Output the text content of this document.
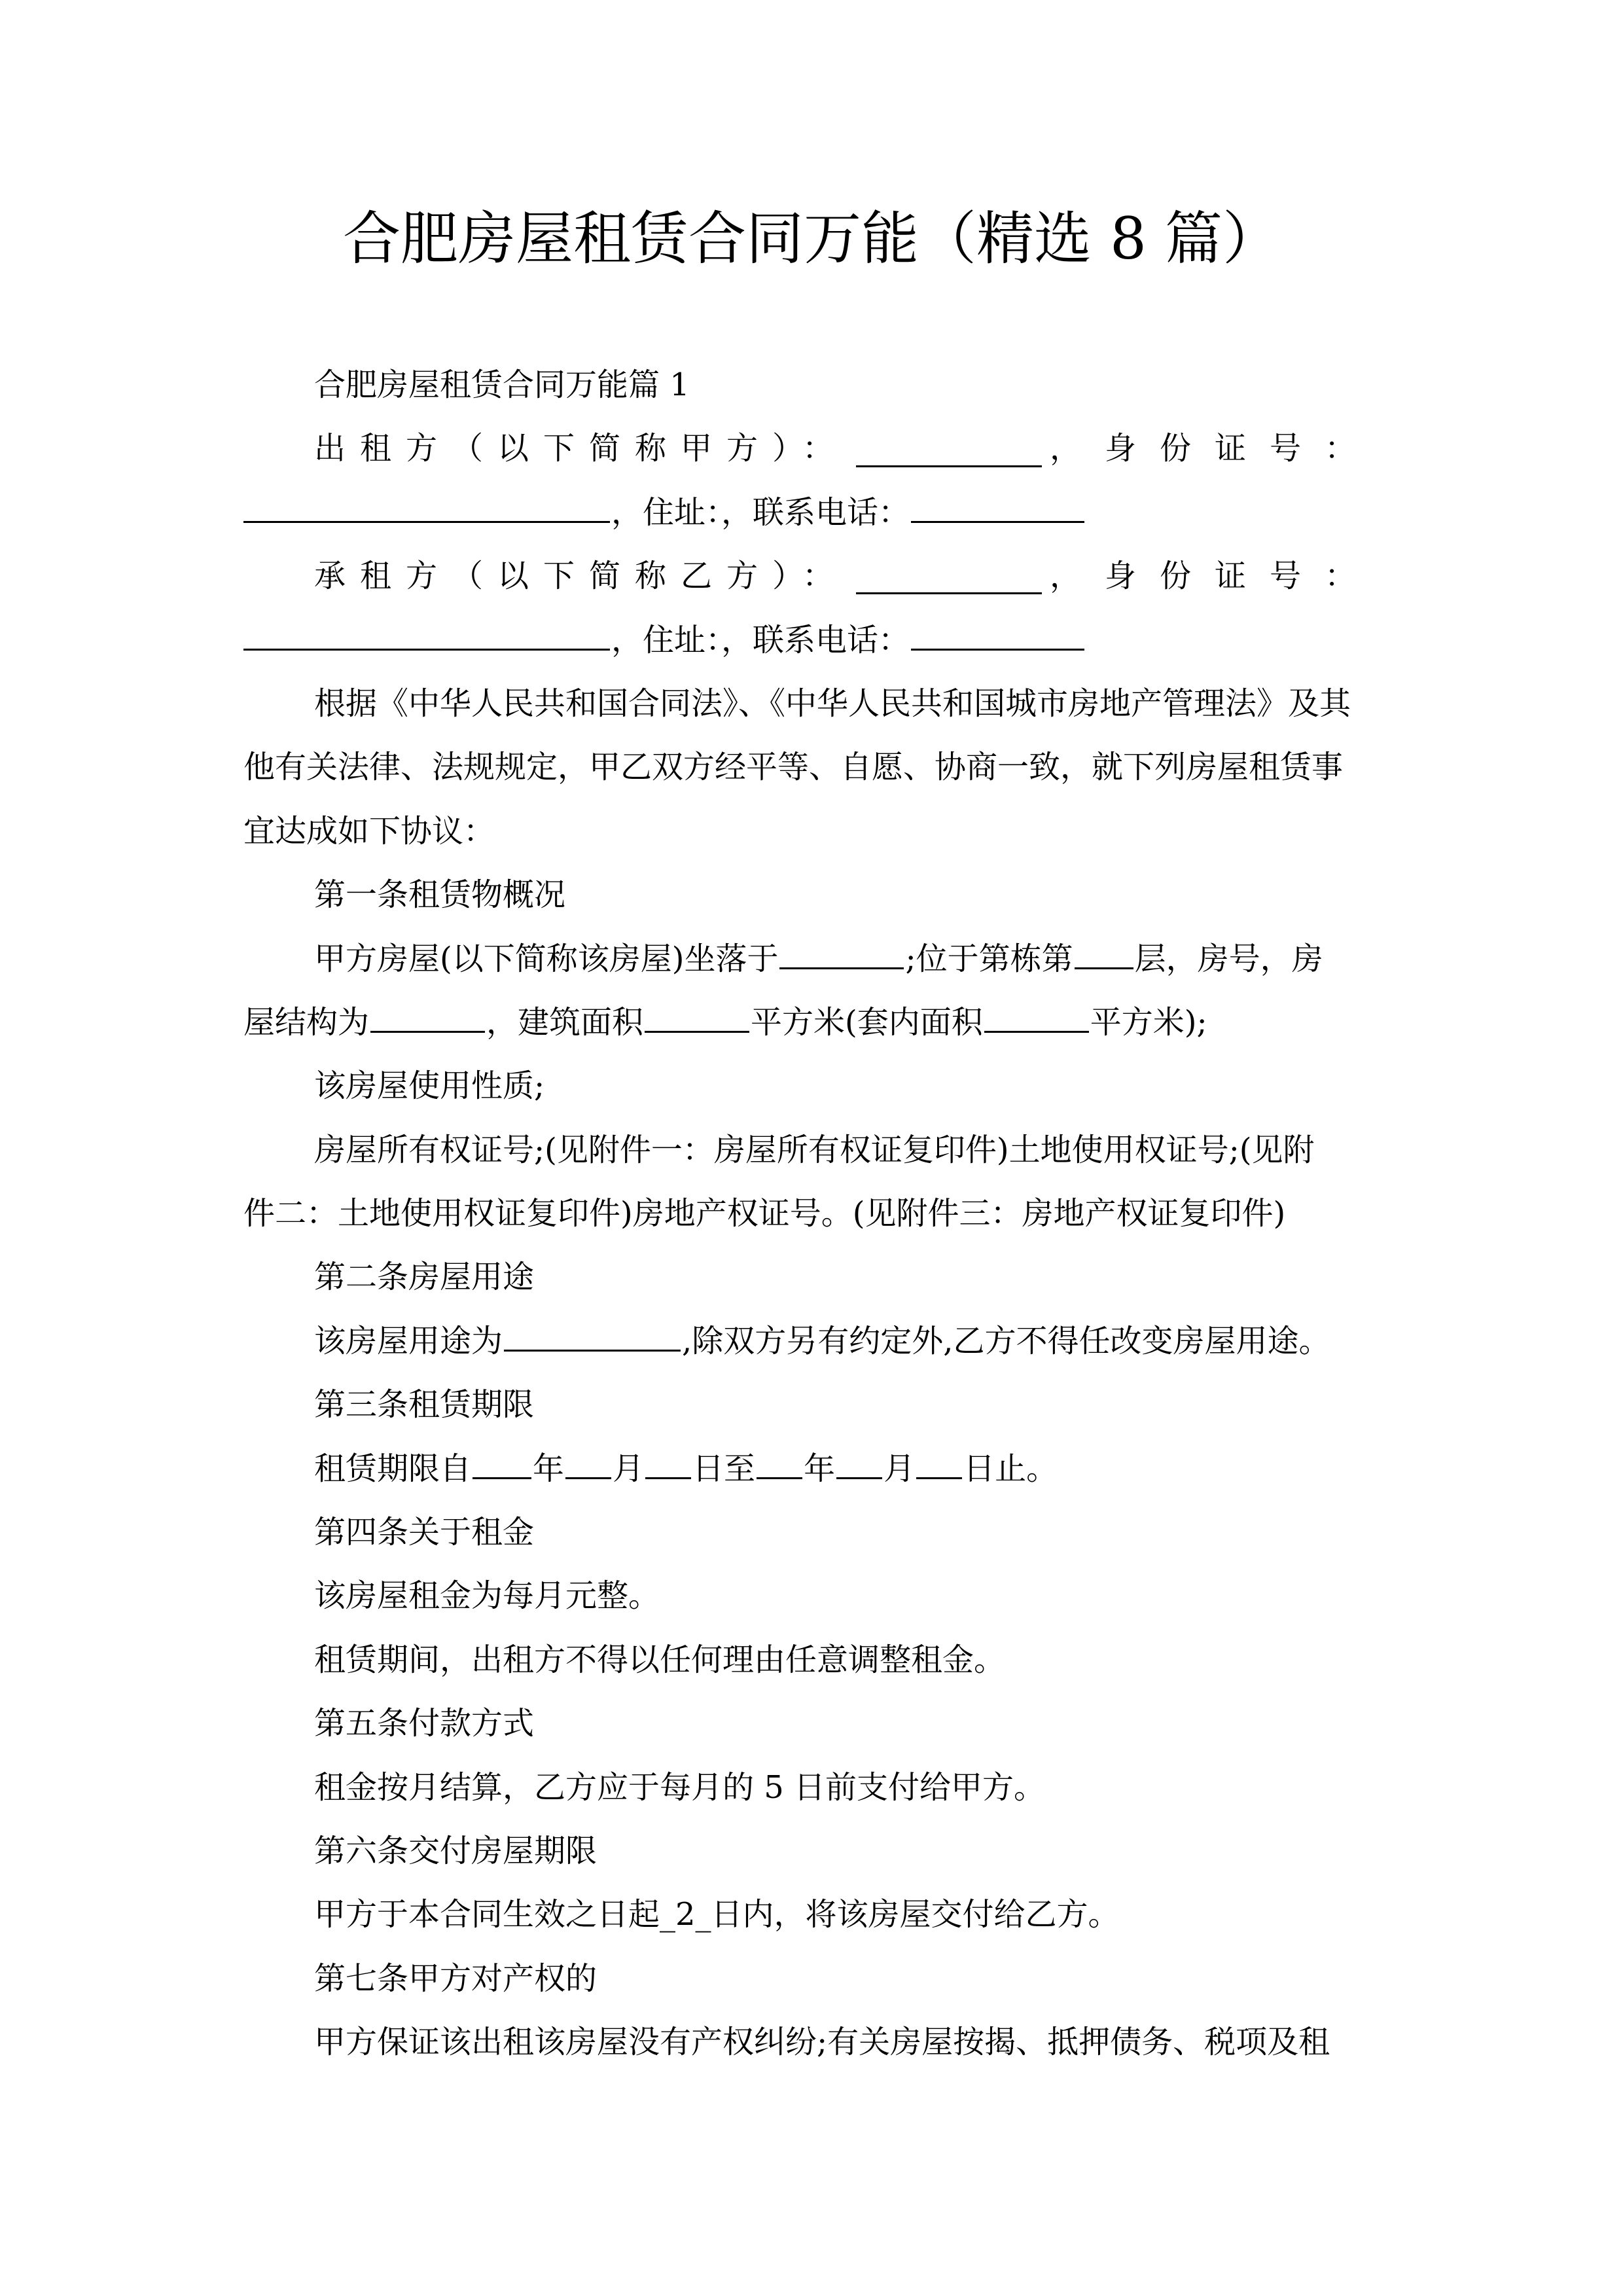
合肥房屋租赁合同万能（精选 8 篇）
合肥房屋租赁合同万能篇 1
出租方（以下简称甲方）：	， 身份证号：
，住址：，联系电话：
承租方（以下简称乙方）：	， 身份证号：
，住址：，联系电话：
根据《中华人民共和国合同法》、《中华人民共和国城市房地产管理法》及其
他有关法律、法规规定，甲乙双方经平等、自愿、协商一致，就下列房屋租赁事
宜达成如下协议：
第一条租赁物概况
甲方房屋(以下简称该房屋)坐落于	;位于第栋第 层，房号，房
屋结构为	，建筑面积	平方米(套内面积	平方米);
该房屋使用性质;
房屋所有权证号;(见附件一：房屋所有权证复印件)土地使用权证号;(见附
件二：土地使用权证复印件)房地产权证号。(见附件三：房地产权证复印件)
第二条房屋用途
该房屋用途为	,除双方另有约定外,乙方不得任改变房屋用途。
第三条租赁期限
租赁期限自 年 月 日至 年 月 日止。
第四条关于租金
该房屋租金为每月元整。
租赁期间，出租方不得以任何理由任意调整租金。
第五条付款方式
租金按月结算，乙方应于每月的 5 日前支付给甲方。
第六条交付房屋期限
甲方于本合同生效之日起_2_日内，将该房屋交付给乙方。
第七条甲方对产权的
甲方保证该出租该房屋没有产权纠纷;有关房屋按揭、抵押债务、税项及租
